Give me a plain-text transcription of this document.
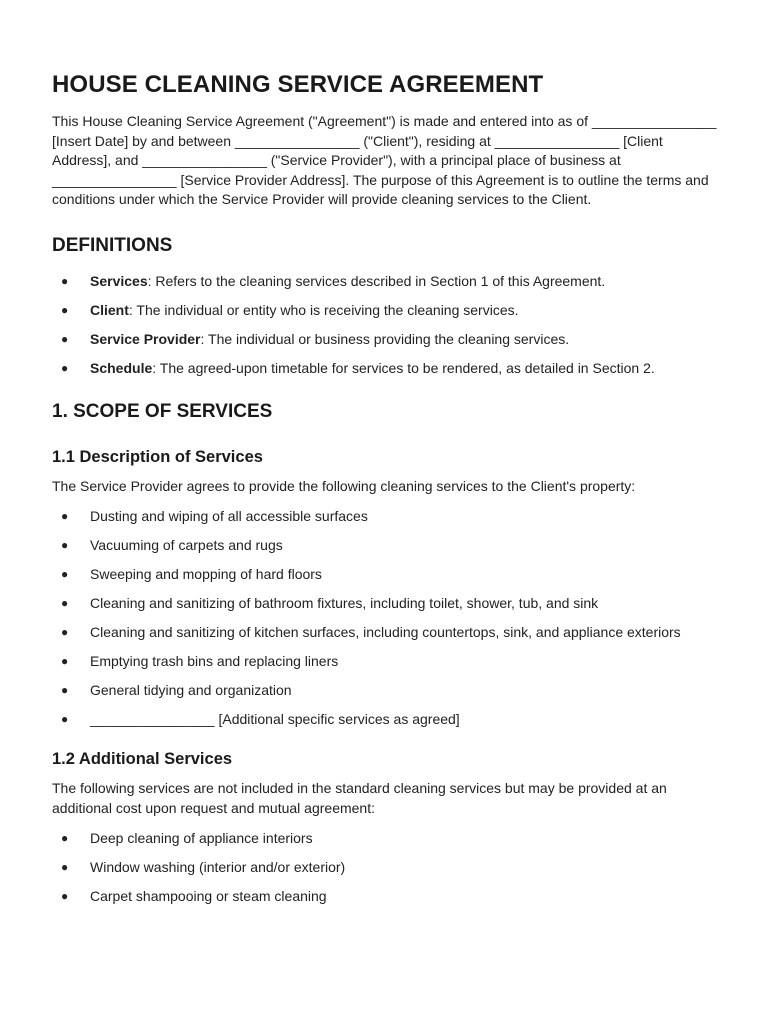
HOUSE CLEANING SERVICE AGREEMENT

This House Cleaning Service Agreement ("Agreement") is made and entered into as of ________________ [Insert Date] by and between ________________ ("Client"), residing at ________________ [Client Address], and ________________ ("Service Provider"), with a principal place of business at ________________ [Service Provider Address]. The purpose of this Agreement is to outline the terms and conditions under which the Service Provider will provide cleaning services to the Client.

DEFINITIONS
● Services: Refers to the cleaning services described in Section 1 of this Agreement.
● Client: The individual or entity who is receiving the cleaning services.
● Service Provider: The individual or business providing the cleaning services.
● Schedule: The agreed-upon timetable for services to be rendered, as detailed in Section 2.
1. SCOPE OF SERVICES
1.1 Description of Services

The Service Provider agrees to provide the following cleaning services to the Client's property:

● Dusting and wiping of all accessible surfaces
● Vacuuming of carpets and rugs
● Sweeping and mopping of hard floors
● Cleaning and sanitizing of bathroom fixtures, including toilet, shower, tub, and sink
● Cleaning and sanitizing of kitchen surfaces, including countertops, sink, and appliance exteriors
● Emptying trash bins and replacing liners
● General tidying and organization
● ________________ [Additional specific services as agreed]
1.2 Additional Services

The following services are not included in the standard cleaning services but may be provided at an additional cost upon request and mutual agreement:

● Deep cleaning of appliance interiors
● Window washing (interior and/or exterior)
● Carpet shampooing or steam cleaning
